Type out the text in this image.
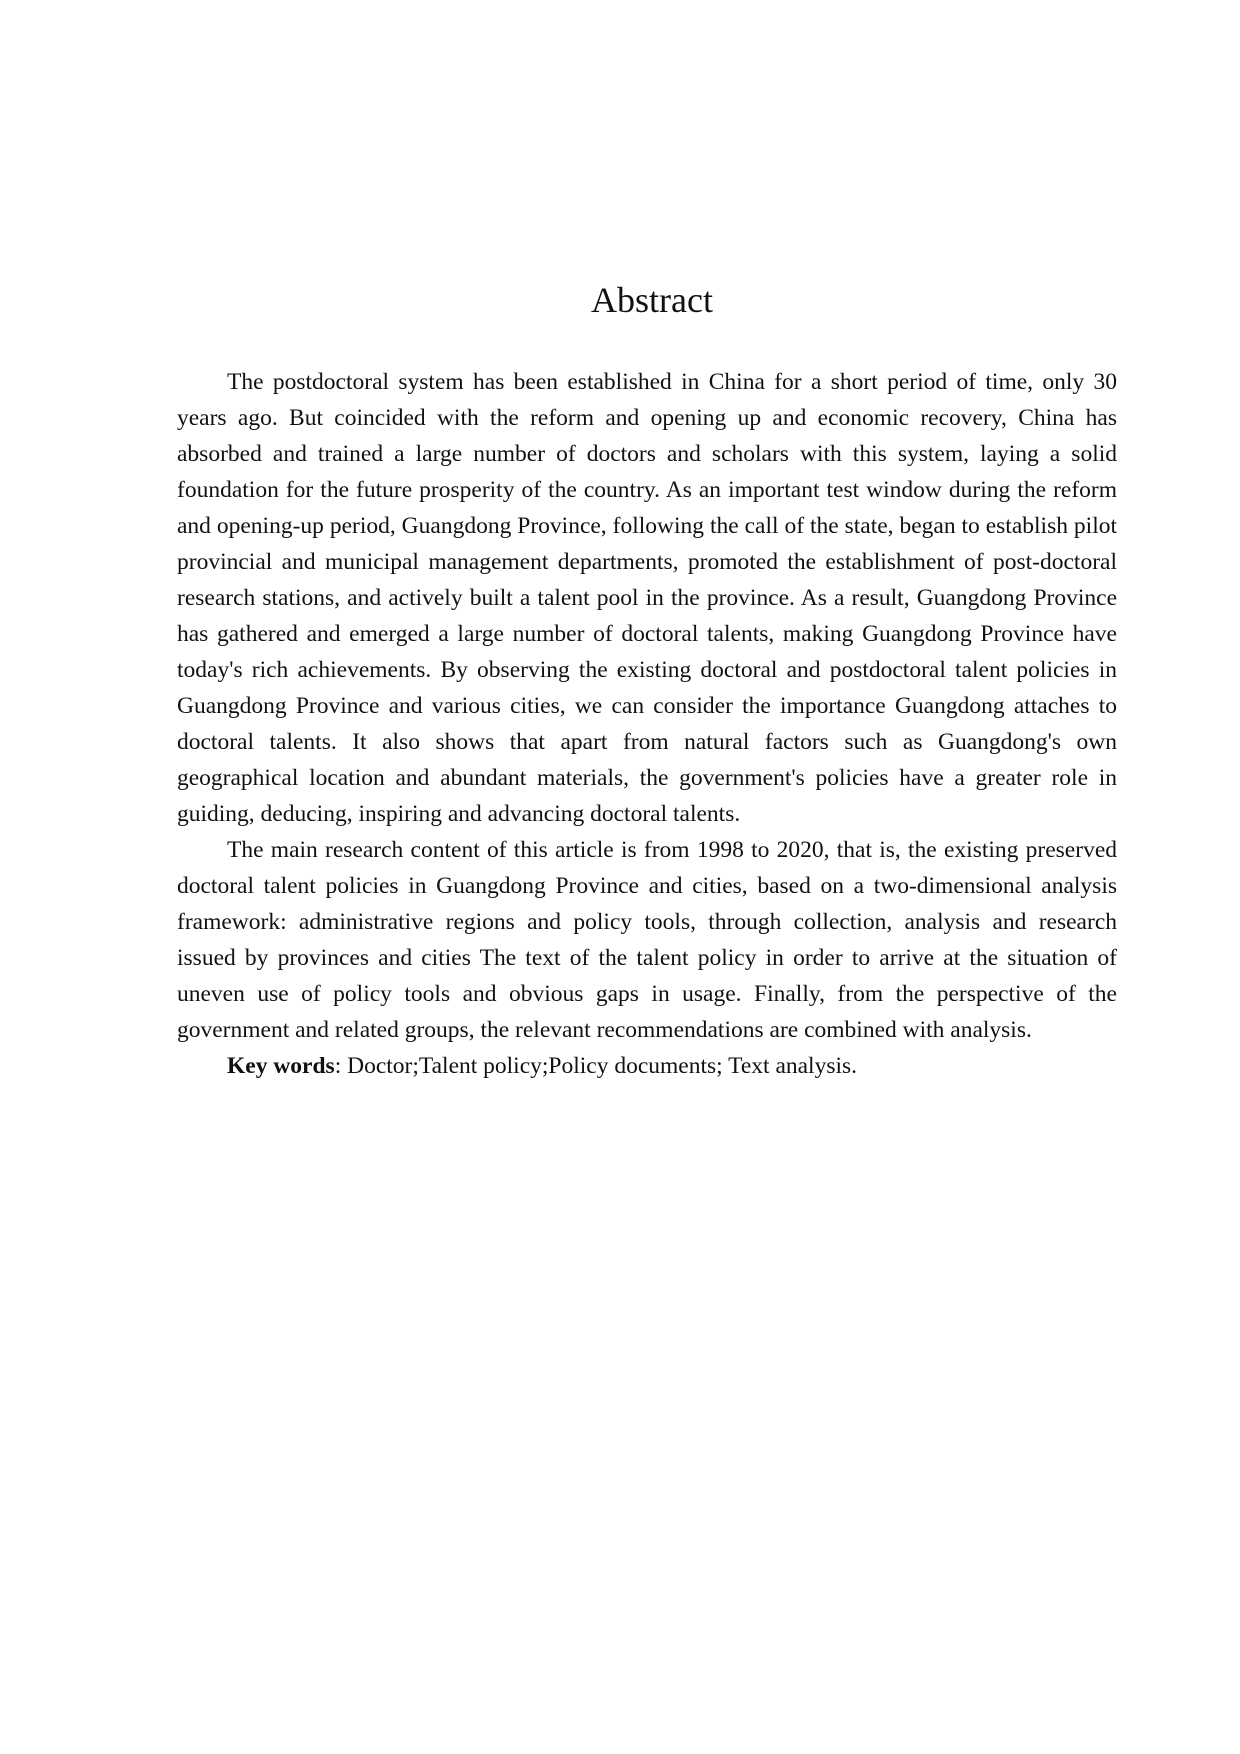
Abstract

The postdoctoral system has been established in China for a short period of time, only 30 years ago. But coincided with the reform and opening up and economic recovery, China has absorbed and trained a large number of doctors and scholars with this system, laying a solid foundation for the future prosperity of the country. As an important test window during the reform and opening-up period, Guangdong Province, following the call of the state, began to establish pilot provincial and municipal management departments, promoted the establishment of post-doctoral research stations, and actively built a talent pool in the province. As a result, Guangdong Province has gathered and emerged a large number of doctoral talents, making Guangdong Province have today's rich achievements. By observing the existing doctoral and postdoctoral talent policies in Guangdong Province and various cities, we can consider the importance Guangdong attaches to doctoral talents. It also shows that apart from natural factors such as Guangdong's own geographical location and abundant materials, the government's policies have a greater role in guiding, deducing, inspiring and advancing doctoral talents.

The main research content of this article is from 1998 to 2020, that is, the existing preserved doctoral talent policies in Guangdong Province and cities, based on a two-dimensional analysis framework: administrative regions and policy tools, through collection, analysis and research issued by provinces and cities The text of the talent policy in order to arrive at the situation of uneven use of policy tools and obvious gaps in usage. Finally, from the perspective of the government and related groups, the relevant recommendations are combined with analysis.

Key words: Doctor;Talent policy;Policy documents; Text analysis.
